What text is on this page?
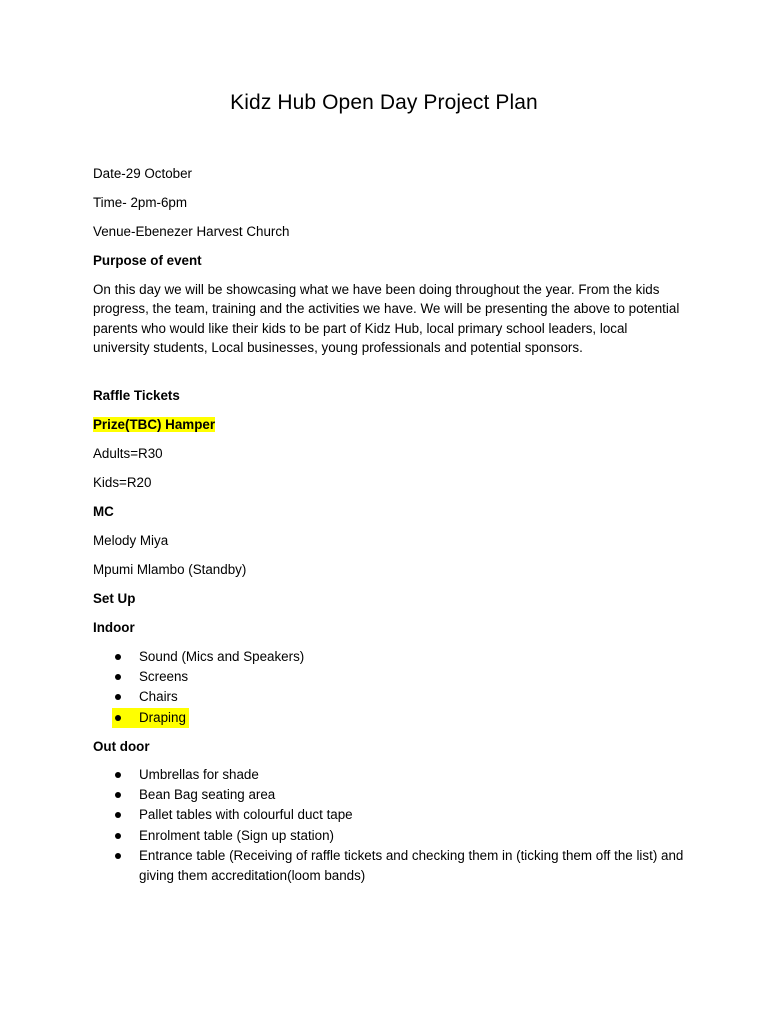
Kidz Hub Open Day Project Plan
Date-29 October
Time- 2pm-6pm
Venue-Ebenezer Harvest Church
Purpose of event
On this day we will be showcasing what we have been doing throughout the year. From the kids progress, the team, training and the activities we have. We will be presenting the above to potential parents who would like their kids to be part of Kidz Hub, local primary school leaders, local university students, Local businesses, young professionals and potential sponsors.
Raffle Tickets
Prize(TBC) Hamper
Adults=R30
Kids=R20
MC
Melody Miya
Mpumi Mlambo (Standby)
Set Up
Indoor
Sound (Mics and Speakers)
Screens
Chairs
Draping
Out door
Umbrellas for shade
Bean Bag seating area
Pallet tables with colourful duct tape
Enrolment table (Sign up station)
Entrance table (Receiving of raffle tickets and checking them in (ticking them off the list) and giving them accreditation(loom bands)
